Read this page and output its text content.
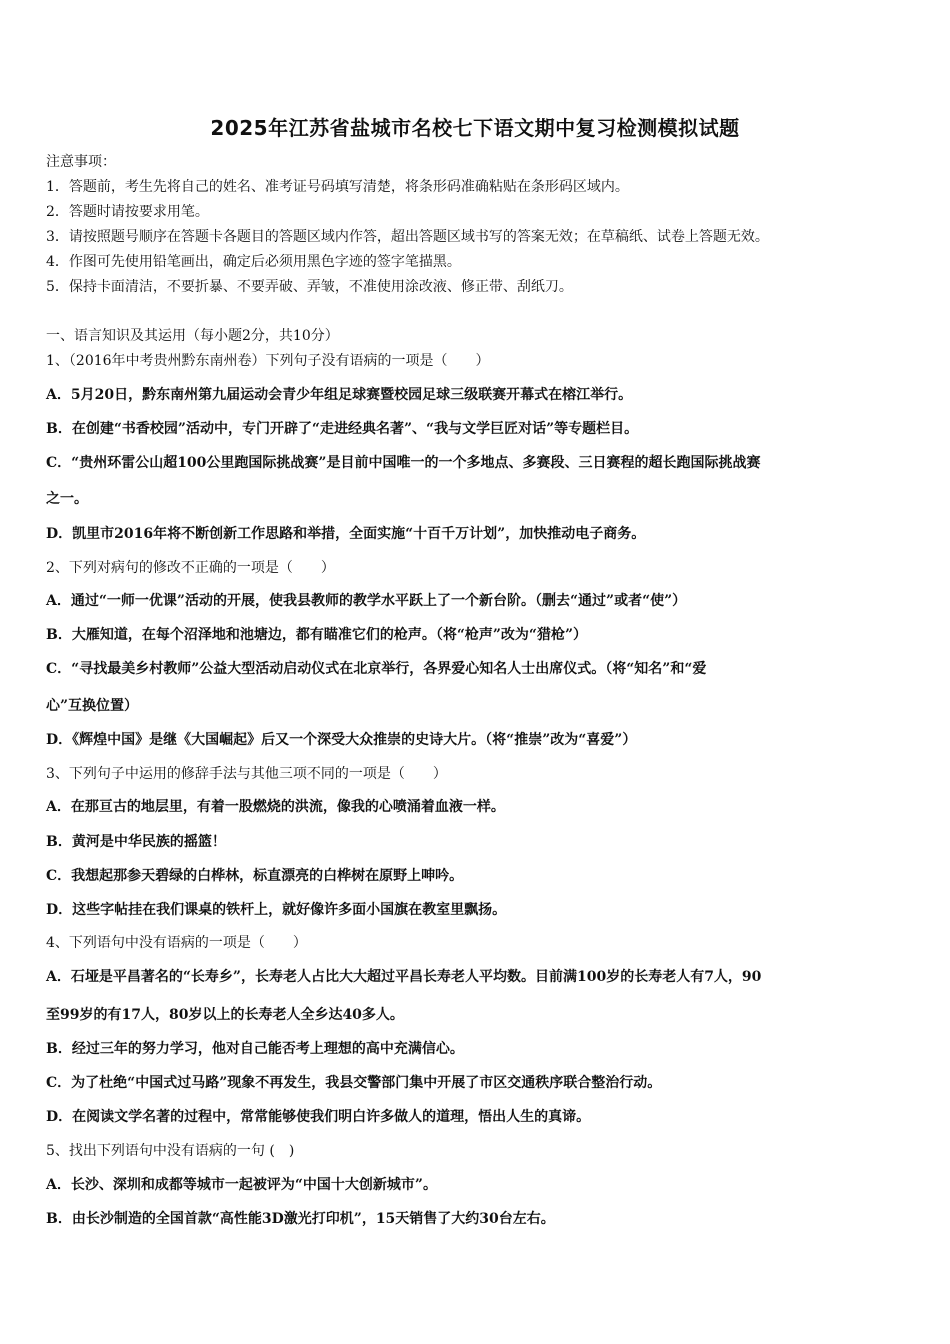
2025年江苏省盐城市名校七下语文期中复习检测模拟试题
注意事项：
1．答题前，考生先将自己的姓名、准考证号码填写清楚，将条形码准确粘贴在条形码区域内。
2．答题时请按要求用笔。
3．请按照题号顺序在答题卡各题目的答题区域内作答，超出答题区域书写的答案无效；在草稿纸、试卷上答题无效。
4．作图可先使用铅笔画出，确定后必须用黑色字迹的签字笔描黑。
5．保持卡面清洁，不要折暴、不要弄破、弄皱，不准使用涂改液、修正带、刮纸刀。
一、语言知识及其运用（每小题2分，共10分）
1、（2016年中考贵州黔东南州卷）下列句子没有语病的一项是（　　）
A．5月20日，黔东南州第九届运动会青少年组足球赛暨校园足球三级联赛开幕式在榕江举行。
B．在创建“书香校园”活动中，专门开辟了“走进经典名著”、“我与文学巨匠对话”等专题栏目。
C．“贵州环雷公山超100公里跑国际挑战赛”是目前中国唯一的一个多地点、多赛段、三日赛程的超长跑国际挑战赛
之一。
D．凯里市2016年将不断创新工作思路和举措，全面实施“十百千万计划”，加快推动电子商务。
2、下列对病句的修改不正确的一项是（　　）
A．通过“一师一优课”活动的开展，使我县教师的教学水平跃上了一个新台阶。（删去“通过”或者“使”）
B．大雁知道，在每个沼泽地和池塘边，都有瞄准它们的枪声。（将“枪声”改为“猎枪”）
C．“寻找最美乡村教师”公益大型活动启动仪式在北京举行，各界爱心知名人士出席仪式。（将“知名”和“爱
心”互换位置）
D．《辉煌中国》是继《大国崛起》后又一个深受大众推崇的史诗大片。（将“推崇”改为“喜爱”）
3、下列句子中运用的修辞手法与其他三项不同的一项是（　　）
A．在那亘古的地层里，有着一股燃烧的洪流，像我的心喷涌着血液一样。
B．黄河是中华民族的摇篮！
C．我想起那参天碧绿的白桦林，标直漂亮的白桦树在原野上呻吟。
D．这些字帖挂在我们课桌的铁杆上，就好像许多面小国旗在教室里飘扬。
4、下列语句中没有语病的一项是（　　）
A．石垭是平昌著名的“长寿乡”，长寿老人占比大大超过平昌长寿老人平均数。目前满100岁的长寿老人有7人，90
至99岁的有17人，80岁以上的长寿老人全乡达40多人。
B．经过三年的努力学习，他对自己能否考上理想的高中充满信心。
C．为了杜绝“中国式过马路”现象不再发生，我县交警部门集中开展了市区交通秩序联合整治行动。
D．在阅读文学名著的过程中，常常能够使我们明白许多做人的道理，悟出人生的真谛。
5、找出下列语句中没有语病的一句 (　)
A．长沙、深圳和成都等城市一起被评为“中国十大创新城市”。
B．由长沙制造的全国首款“高性能3D激光打印机”，15天销售了大约30台左右。
